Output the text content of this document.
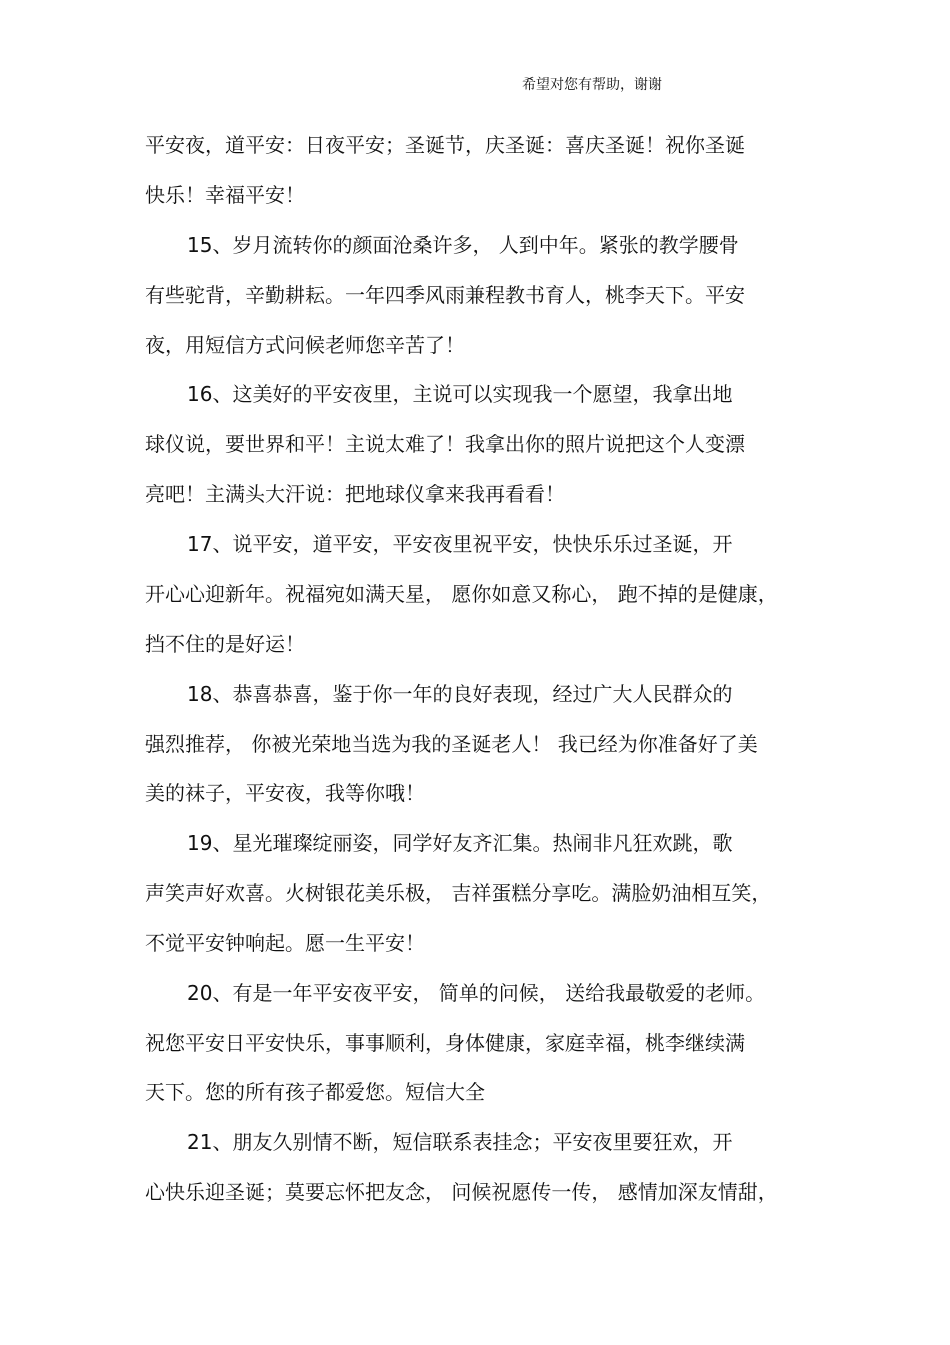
希望对您有帮助，谢谢
平安夜，道平安：日夜平安；圣诞节，庆圣诞：喜庆圣诞！祝你圣诞
快乐！幸福平安！
15、岁月流转你的颜面沧桑许多， 人到中年。紧张的教学腰骨
有些驼背，辛勤耕耘。一年四季风雨兼程教书育人，桃李天下。平安
夜，用短信方式问候老师您辛苦了！
16、这美好的平安夜里，主说可以实现我一个愿望，我拿出地
球仪说，要世界和平！主说太难了！我拿出你的照片说把这个人变漂
亮吧！主满头大汗说：把地球仪拿来我再看看！
17、说平安，道平安，平安夜里祝平安，快快乐乐过圣诞，开
开心心迎新年。祝福宛如满天星， 愿你如意又称心， 跑不掉的是健康，
挡不住的是好运！
18、恭喜恭喜，鉴于你一年的良好表现，经过广大人民群众的
强烈推荐， 你被光荣地当选为我的圣诞老人！ 我已经为你准备好了美
美的袜子，平安夜，我等你哦！
19、星光璀璨绽丽姿，同学好友齐汇集。热闹非凡狂欢跳，歌
声笑声好欢喜。火树银花美乐极， 吉祥蛋糕分享吃。满脸奶油相互笑，
不觉平安钟响起。愿一生平安！
20、有是一年平安夜平安， 简单的问候， 送给我最敬爱的老师。
祝您平安日平安快乐，事事顺利，身体健康，家庭幸福，桃李继续满
天下。您的所有孩子都爱您。短信大全
21、朋友久别情不断，短信联系表挂念；平安夜里要狂欢，开
心快乐迎圣诞；莫要忘怀把友念， 问候祝愿传一传， 感情加深友情甜，
